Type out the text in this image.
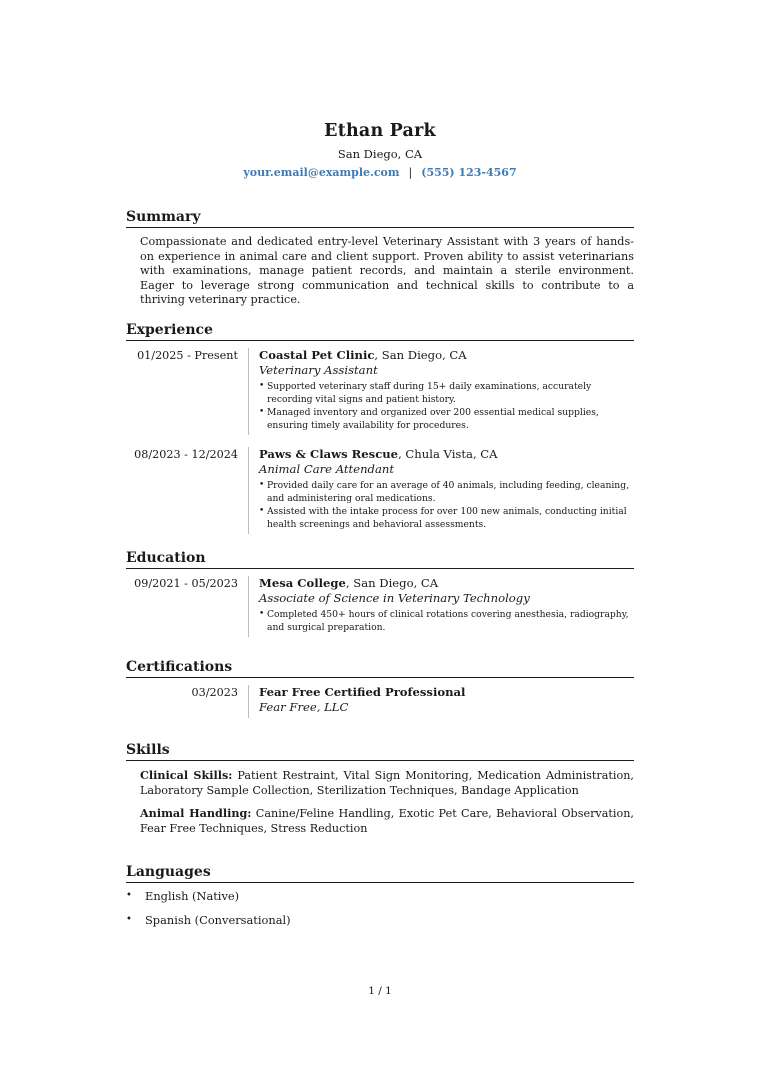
Ethan Park
San Diego, CA
your.email@example.com | (555) 123-4567
Summary
Compassionate and dedicated entry-level Veterinary Assistant with 3 years of hands-on experience in animal care and client support. Proven ability to assist veterinarians with examinations, manage patient records, and maintain a sterile environment. Eager to leverage strong communication and technical skills to contribute to a thriving veterinary practice.
Experience
01/2025 - Present	Coastal Pet Clinic, San Diego, CA
Veterinary Assistant
• Supported veterinary staff during 15+ daily examinations, accurately recording vital signs and patient history.
• Managed inventory and organized over 200 essential medical supplies, ensuring timely availability for procedures.
08/2023 - 12/2024	Paws & Claws Rescue, Chula Vista, CA
Animal Care Attendant
• Provided daily care for an average of 40 animals, including feeding, cleaning, and administering oral medications.
• Assisted with the intake process for over 100 new animals, conducting initial health screenings and behavioral assessments.
Education
09/2021 - 05/2023	Mesa College, San Diego, CA
Associate of Science in Veterinary Technology
• Completed 450+ hours of clinical rotations covering anesthesia, radiography, and surgical preparation.
Certifications
03/2023	Fear Free Certified Professional
Fear Free, LLC
Skills
Clinical Skills: Patient Restraint, Vital Sign Monitoring, Medication Administration, Laboratory Sample Collection, Sterilization Techniques, Bandage Application
Animal Handling: Canine/Feline Handling, Exotic Pet Care, Behavioral Observation, Fear Free Techniques, Stress Reduction
Languages
• English (Native)
• Spanish (Conversational)
1 / 1
